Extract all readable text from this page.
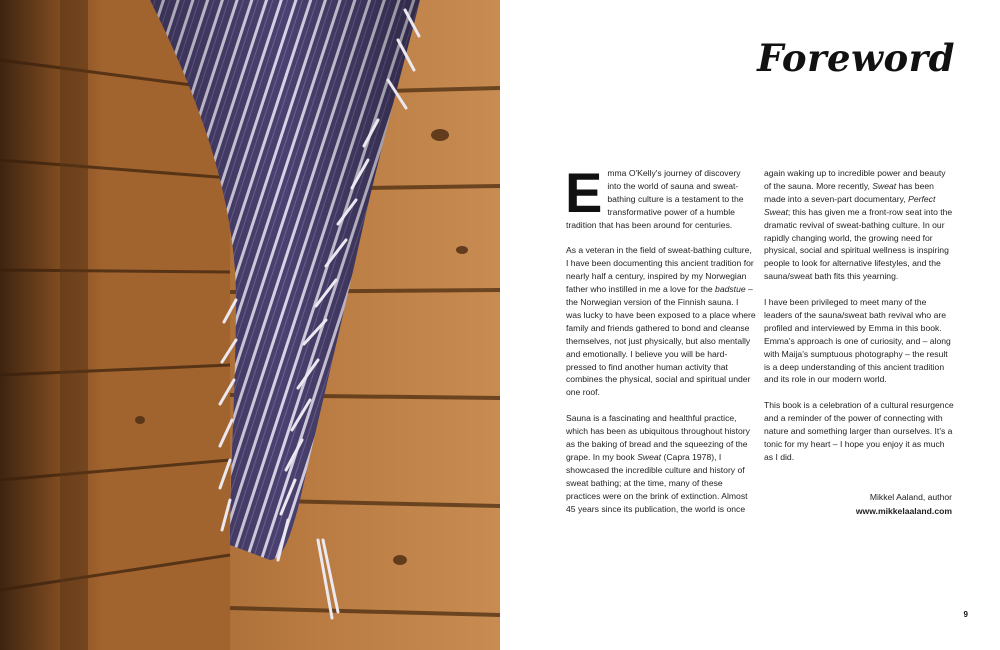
Foreword

Emma O'Kelly's journey of discovery into the world of sauna and sweat-bathing culture is a testament to the transformative power of a humble tradition that has been around for centuries.

As a veteran in the field of sweat-bathing culture, I have been documenting this ancient tradition for nearly half a century, inspired by my Norwegian father who instilled in me a love for the badstue – the Norwegian version of the Finnish sauna. I was lucky to have been exposed to a place where family and friends gathered to bond and cleanse themselves, not just physically, but also mentally and emotionally. I believe you will be hard-pressed to find another human activity that combines the physical, social and spiritual under one roof.

Sauna is a fascinating and healthful practice, which has been as ubiquitous throughout history as the baking of bread and the squeezing of the grape. In my book Sweat (Capra 1978), I showcased the incredible culture and history of sweat bathing; at the time, many of these practices were on the brink of extinction. Almost 45 years since its publication, the world is once

again waking up to incredible power and beauty of the sauna. More recently, Sweat has been made into a seven-part documentary, Perfect Sweat; this has given me a front-row seat into the dramatic revival of sweat-bathing culture. In our rapidly changing world, the growing need for physical, social and spiritual wellness is inspiring people to look for alternative lifestyles, and the sauna/sweat bath fits this yearning.

I have been privileged to meet many of the leaders of the sauna/sweat bath revival who are profiled and interviewed by Emma in this book. Emma's approach is one of curiosity, and – along with Maija's sumptuous photography – the result is a deep understanding of this ancient tradition and its role in our modern world.

This book is a celebration of a cultural resurgence and a reminder of the power of connecting with nature and something larger than ourselves. It's a tonic for my heart – I hope you enjoy it as much as I did.

Mikkel Aaland, author
www.mikkelaaland.com
9
